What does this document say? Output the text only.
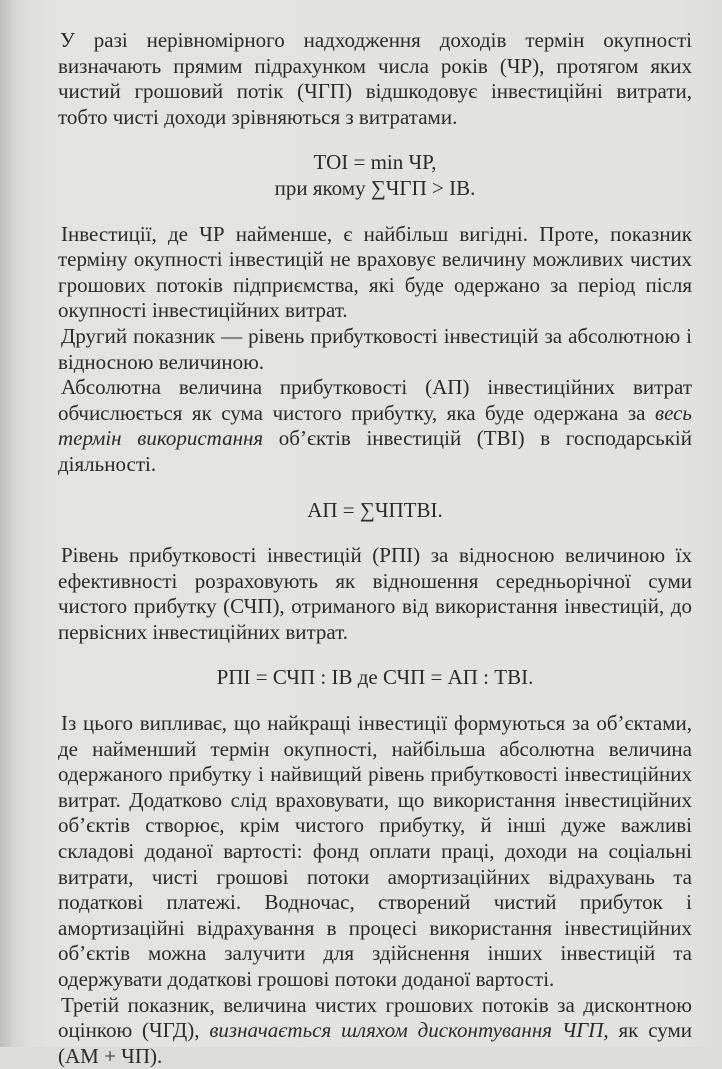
У разі нерівномірного надходження доходів термін окупності визначають прямим підрахунком числа років (ЧР), протягом яких чистий грошовий потік (ЧГП) відшкодовує інвестиційні витрати, тобто чисті доходи зрівняються з витратами.

ТОІ = min ЧР,

при якому ∑ЧГП > ІВ.

Інвестиції, де ЧР найменше, є найбільш вигідні. Проте, показник терміну окупності інвестицій не враховує величину можливих чистих грошових потоків підприємства, які буде одержано за період після окупності інвестиційних витрат.

Другий показник — рівень прибутковості інвестицій за абсолютною і відносною величиною.

Абсолютна величина прибутковості (АП) інвестиційних витрат обчислюється як сума чистого прибутку, яка буде одержана за весь термін використання об’єктів інвестицій (ТВІ) в господарській діяльності.

АП = ∑ЧПТВІ.

Рівень прибутковості інвестицій (РПІ) за відносною величиною їх ефективності розраховують як відношення середньорічної суми чистого прибутку (СЧП), отриманого від використання інвестицій, до первісних інвестиційних витрат.

РПІ = СЧП : ІВ де СЧП = АП : ТВІ.

Із цього випливає, що найкращі інвестиції формуються за об’єктами, де найменший термін окупності, найбільша абсолютна величина одержаного прибутку і найвищий рівень прибутковості інвестиційних витрат. Додатково слід враховувати, що використання інвестиційних об’єктів створює, крім чистого прибутку, й інші дуже важливі складові доданої вартості: фонд оплати праці, доходи на соціальні витрати, чисті грошові потоки амортизаційних відрахувань та податкові платежі. Водночас, створений чистий прибуток і амортизаційні відрахування в процесі використання інвестиційних об’єктів можна залучити для здійснення інших інвестицій та одержувати додаткові грошові потоки доданої вартості.

Третій показник, величина чистих грошових потоків за дисконтною оцінкою (ЧГД), визначається шляхом дисконтування ЧГП, як суми (АМ + ЧП).
